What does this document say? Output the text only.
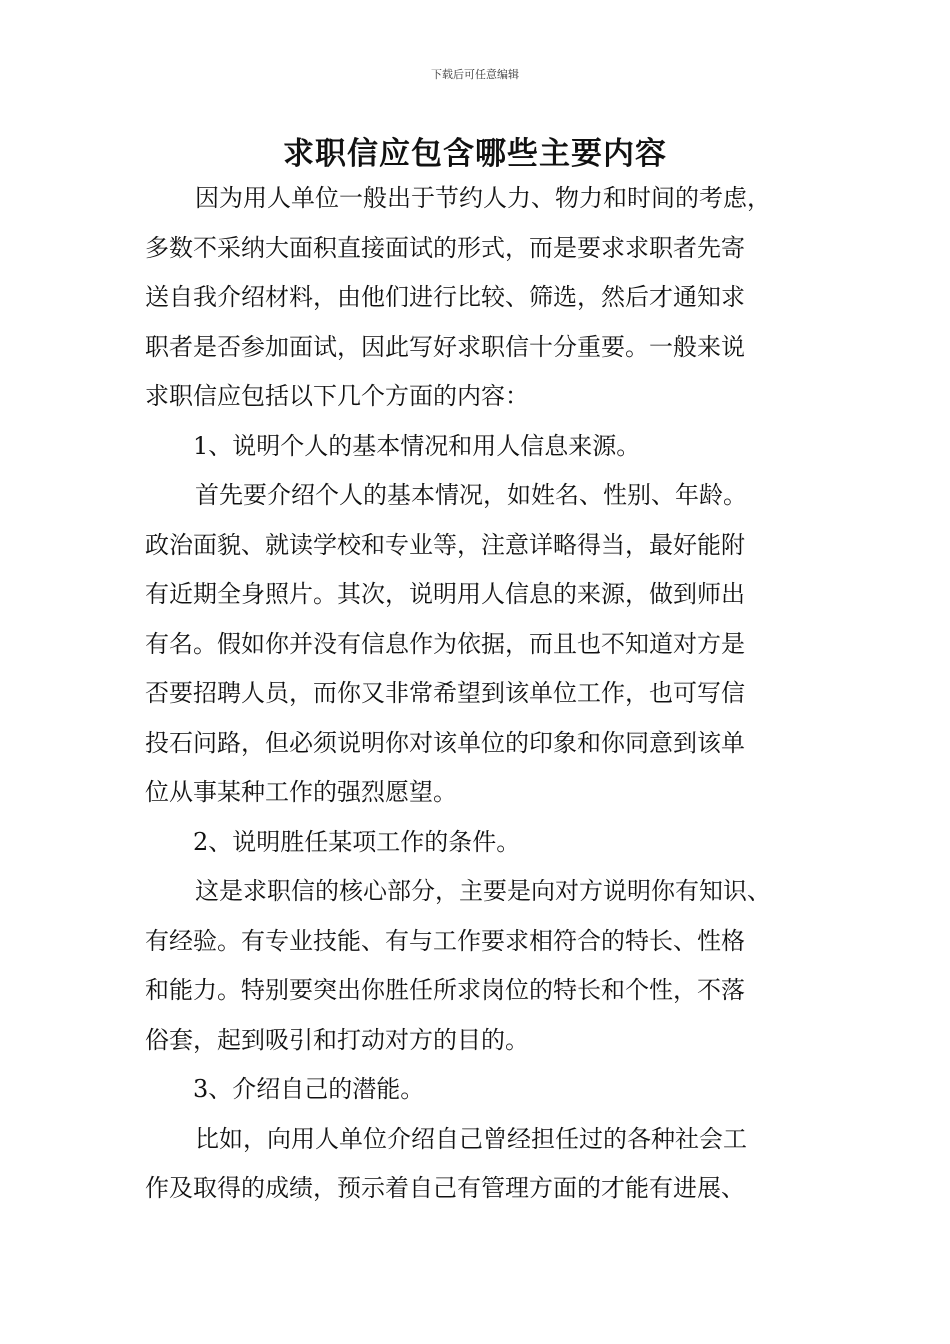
下载后可任意编辑
求职信应包含哪些主要内容
因为用人单位一般出于节约人力、物力和时间的考虑，
多数不采纳大面积直接面试的形式，而是要求求职者先寄
送自我介绍材料，由他们进行比较、筛选，然后才通知求
职者是否参加面试，因此写好求职信十分重要。一般来说
求职信应包括以下几个方面的内容：
1、说明个人的基本情况和用人信息来源。
首先要介绍个人的基本情况，如姓名、性别、年龄。
政治面貌、就读学校和专业等，注意详略得当，最好能附
有近期全身照片。其次，说明用人信息的来源，做到师出
有名。假如你并没有信息作为依据，而且也不知道对方是
否要招聘人员，而你又非常希望到该单位工作，也可写信
投石问路，但必须说明你对该单位的印象和你同意到该单
位从事某种工作的强烈愿望。
2、说明胜任某项工作的条件。
这是求职信的核心部分，主要是向对方说明你有知识、
有经验。有专业技能、有与工作要求相符合的特长、性格
和能力。特别要突出你胜任所求岗位的特长和个性，不落
俗套，起到吸引和打动对方的目的。
3、介绍自己的潜能。
比如，向用人单位介绍自己曾经担任过的各种社会工
作及取得的成绩，预示着自己有管理方面的才能有进展、
